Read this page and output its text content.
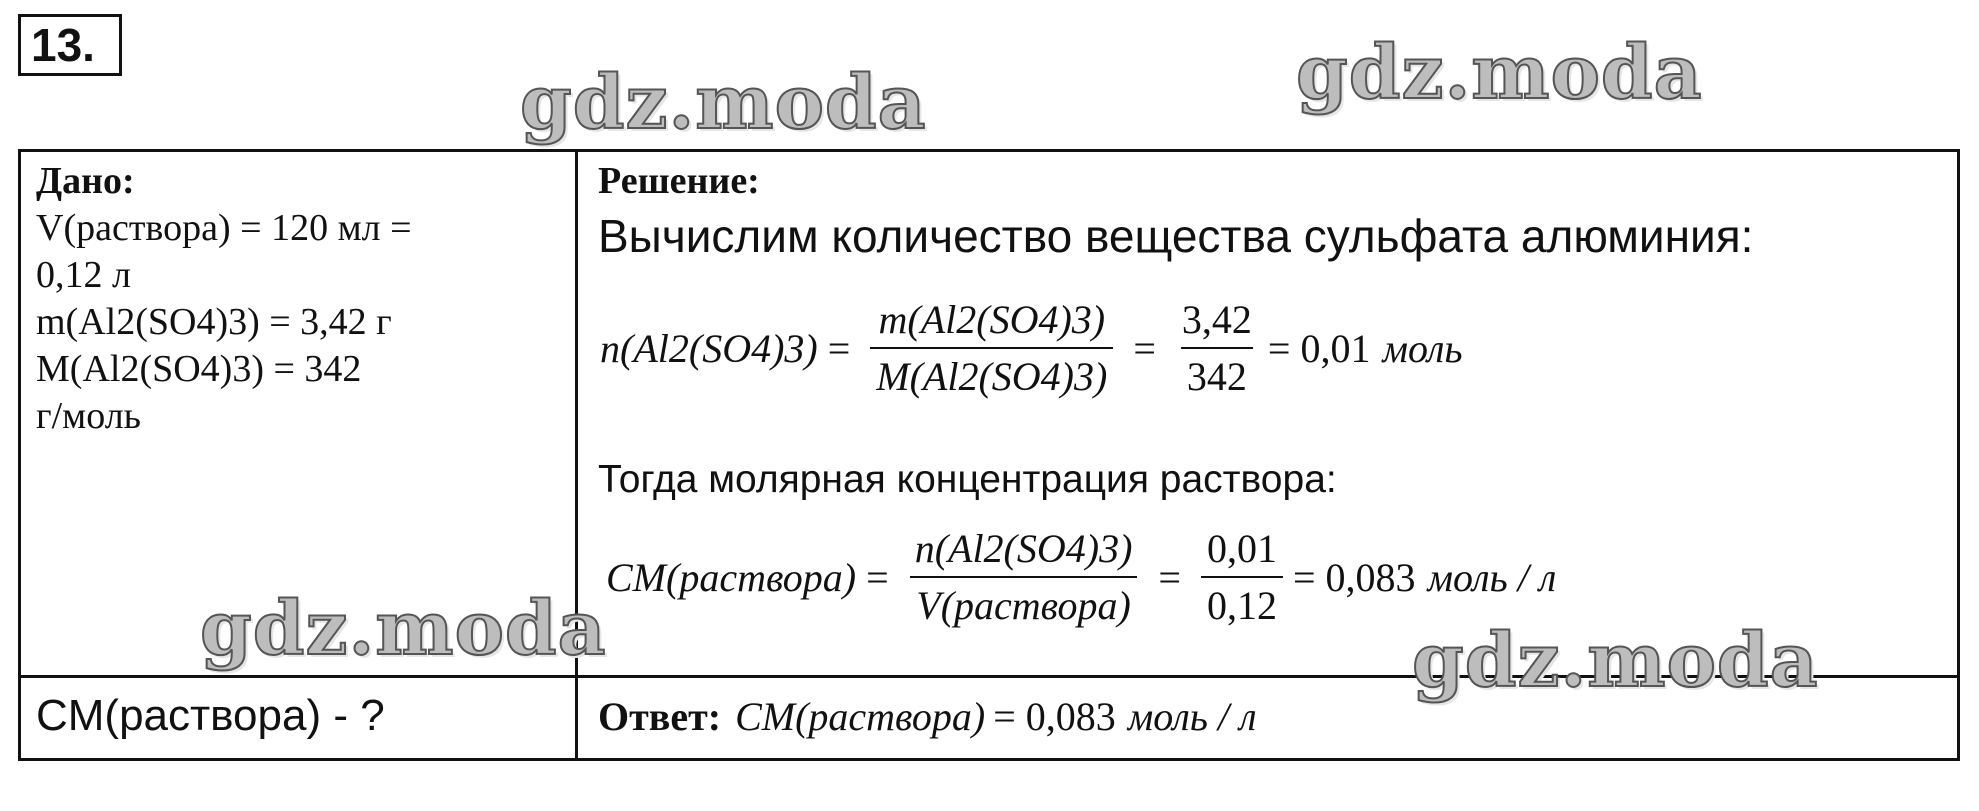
13.
gdz.moda	gdz.moda
Дано:
V(раствора) = 120 мл =
0,12 л
m(Al2(SO4)3) = 3,42 г
M(Al2(SO4)3) = 342
г/моль
CM(раствора) - ?
Решение:
Вычислим количество вещества сульфата алюминия:
$n(Al2(SO4)3) = \frac{m(Al2(SO4)3)}{M(Al2(SO4)3)} = \frac{3,42}{342} = 0,01$ моль
Тогда молярная концентрация раствора:
CM(раствора) = $\frac{n(Al2(SO4)3)}{\text{V(раствора)}} = \frac{0,01}{0,12} = 0,083$ моль / л
Ответ: CM(раствора) = 0,083 моль / л
gdz.moda	gdz.moda
